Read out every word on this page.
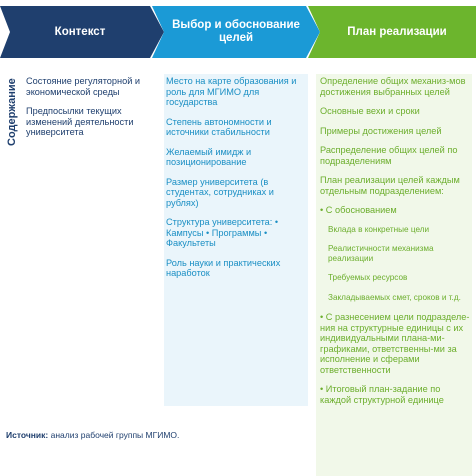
Контекст
Выбор и обоснование целей
План реализации
Содержание Состояние регуляторной и экономической среды
Предпосылки текущих изменений деятельности университета
Место на карте образования и роль для МГИМО для государства
Степень автономности и источники стабильности
Желаемый имидж и позиционирование
Размер университета (в студентах, сотрудниках и рублях)
Структура университета: • Кампусы • Программы • Факультеты
Роль науки и практических наработок
Определение общих механиз-мов достижения выбранных целей
Основные вехи и сроки
Примеры достижения целей
Распределение общих целей по подразделениям
План реализации целей каждым отдельным подразделением:
• С обоснованием
Вклада в конкретные цели
Реалистичности механизма реализации
Требуемых ресурсов
Закладываемых смет, сроков и т.д.
• С разнесением цели подразделе-ния на структурные единицы с их индивидуальными плана-ми-графиками, ответственны-ми за исполнение и сферами ответственности
• Итоговый план-задание по каждой структурной единице
Источник: анализ рабочей группы МГИМО.
